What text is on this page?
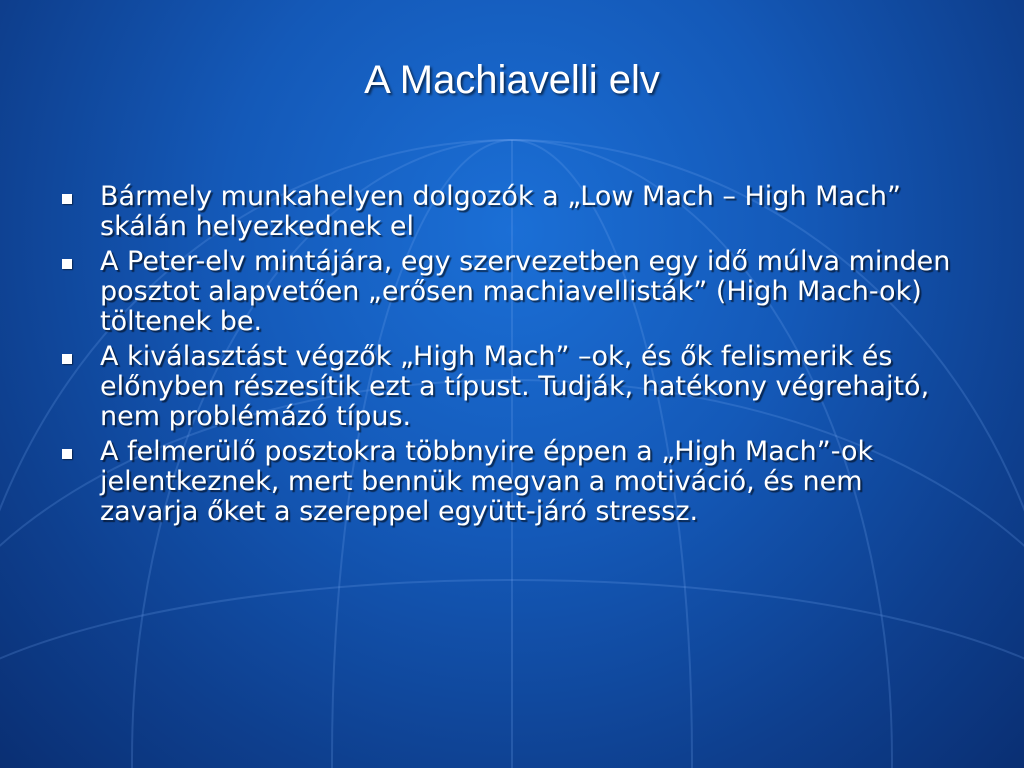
A Machiavelli elv
Bármely munkahelyen dolgozók a „Low Mach – High Mach” skálán helyezkednek el
A Peter-elv mintájára, egy szervezetben egy idő múlva minden posztot alapvetően „erősen machiavellisták” (High Mach-ok) töltenek be.
A kiválasztást végzők „High Mach” –ok, és ők felismerik és előnyben részesítik ezt a típust. Tudják, hatékony végrehajtó, nem problémázó típus.
A felmerülő posztokra többnyire éppen a „High Mach”-ok jelentkeznek, mert bennük megvan a motiváció, és nem zavarja őket a szereppel együtt-járó stressz.
